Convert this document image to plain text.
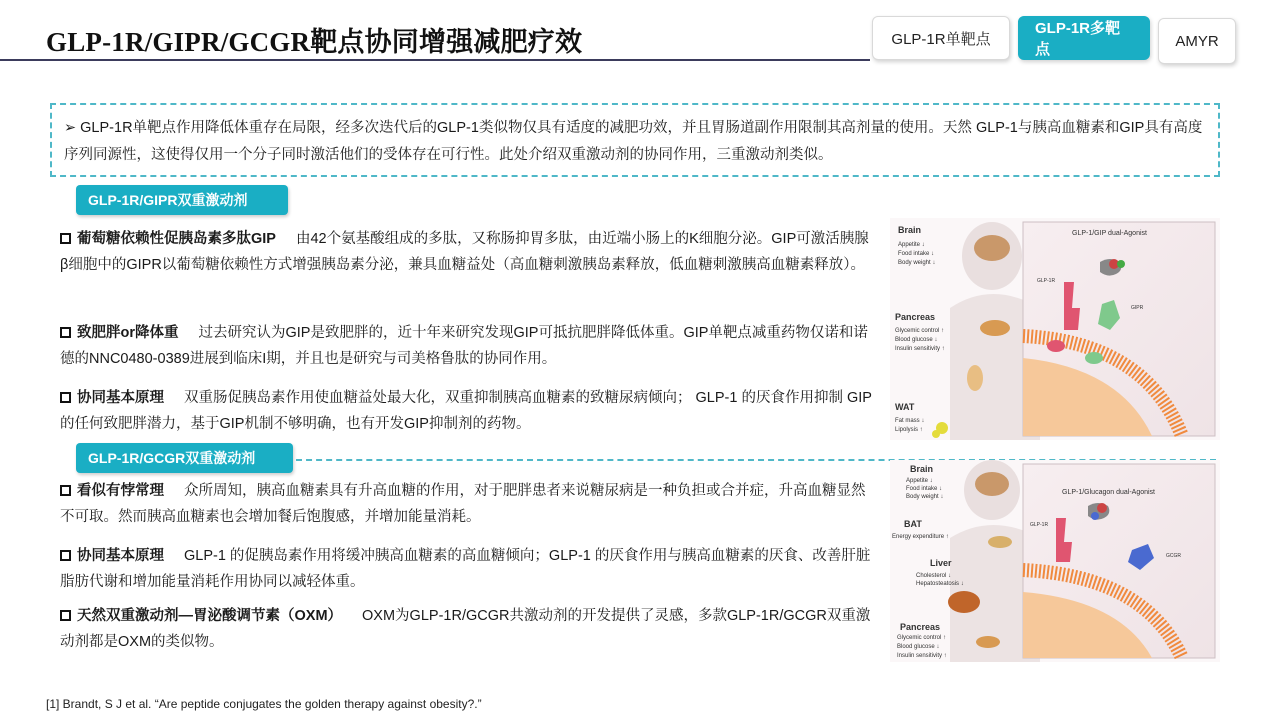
GLP-1R/GIPR/GCGR靶点协同增强减肥疗效	GLP-1R单靶点
GLP-1R多靶点	AMYR
➢ GLP-1R单靶点作用降低体重存在局限，经多次迭代后的GLP-1类似物仅具有适度的减肥功效，并且胃肠道副作用限制其高剂量的使用。天然 GLP-1与胰高血糖素和GIP具有高度序列同源性，这使得仅用一个分子同时激活他们的受体存在可行性。此处介绍双重激动剂的协同作用，三重激动剂类似。
GLP-1R/GIPR双重激动剂
葡萄糖依赖性促胰岛素多肽GIP 由42个氨基酸组成的多肽，又称肠抑胃多肽，由近端小肠上的K细胞分泌。GIP可激活胰腺β细胞中的GIPR以葡萄糖依赖性方式增强胰岛素分泌，兼具血糖益处（高血糖刺激胰岛素释放，低血糖刺激胰高血糖素释放）。
致肥胖or降体重 过去研究认为GIP是致肥胖的，近十年来研究发现GIP可抵抗肥胖降低体重。GIP单靶点减重药物仅诺和诺德的NNC0480-0389进展到临床I期，并且也是研究与司美格鲁肽的协同作用。
协同基本原理 双重肠促胰岛素作用使血糖益处最大化，双重抑制胰高血糖素的致糖尿病倾向； GLP-1 的厌食作用抑制 GIP 的任何致肥胖潜力，基于GIP机制不够明确，也有开发GIP抑制剂的药物。
GLP-1R/GCGR双重激动剂
看似有悖常理 众所周知，胰高血糖素具有升高血糖的作用，对于肥胖患者来说糖尿病是一种负担或合并症，升高血糖显然不可取。然而胰高血糖素也会增加餐后饱腹感，并增加能量消耗。
协同基本原理 GLP-1 的促胰岛素作用将缓冲胰高血糖素的高血糖倾向；GLP-1 的厌食作用与胰高血糖素的厌食、改善肝脏脂肪代谢和增加能量消耗作用协同以减轻体重。
天然双重激动剂—胃泌酸调节素（OXM） OXM为GLP-1R/GCGR共激动剂的开发提供了灵感，多款GLP-1R/GCGR双重激动剂都是OXM的类似物。
GLP-1/GIP dual-Agonist
GLP-1R
GIPR
Brain
Appetite ↓
Food intake ↓
Body weight ↓
Pancreas
Glycemic control ↑
Blood glucose ↓
Insulin sensitivity ↑
WAT
Fat mass ↓
Lipolysis ↑
GLP-1/Glucagon dual-Agonist
GLP-1R
GCGR
Brain
Appetite ↓
Food intake ↓
Body weight ↓
BAT
Energy expenditure ↑
Liver
Cholesterol ↓
Hepatosteatosis ↓
Pancreas
Glycemic control ↑
Blood glucose ↓
Insulin sensitivity ↑
[1] Brandt, S J et al. “Are peptide conjugates the golden therapy against obesity?.”
